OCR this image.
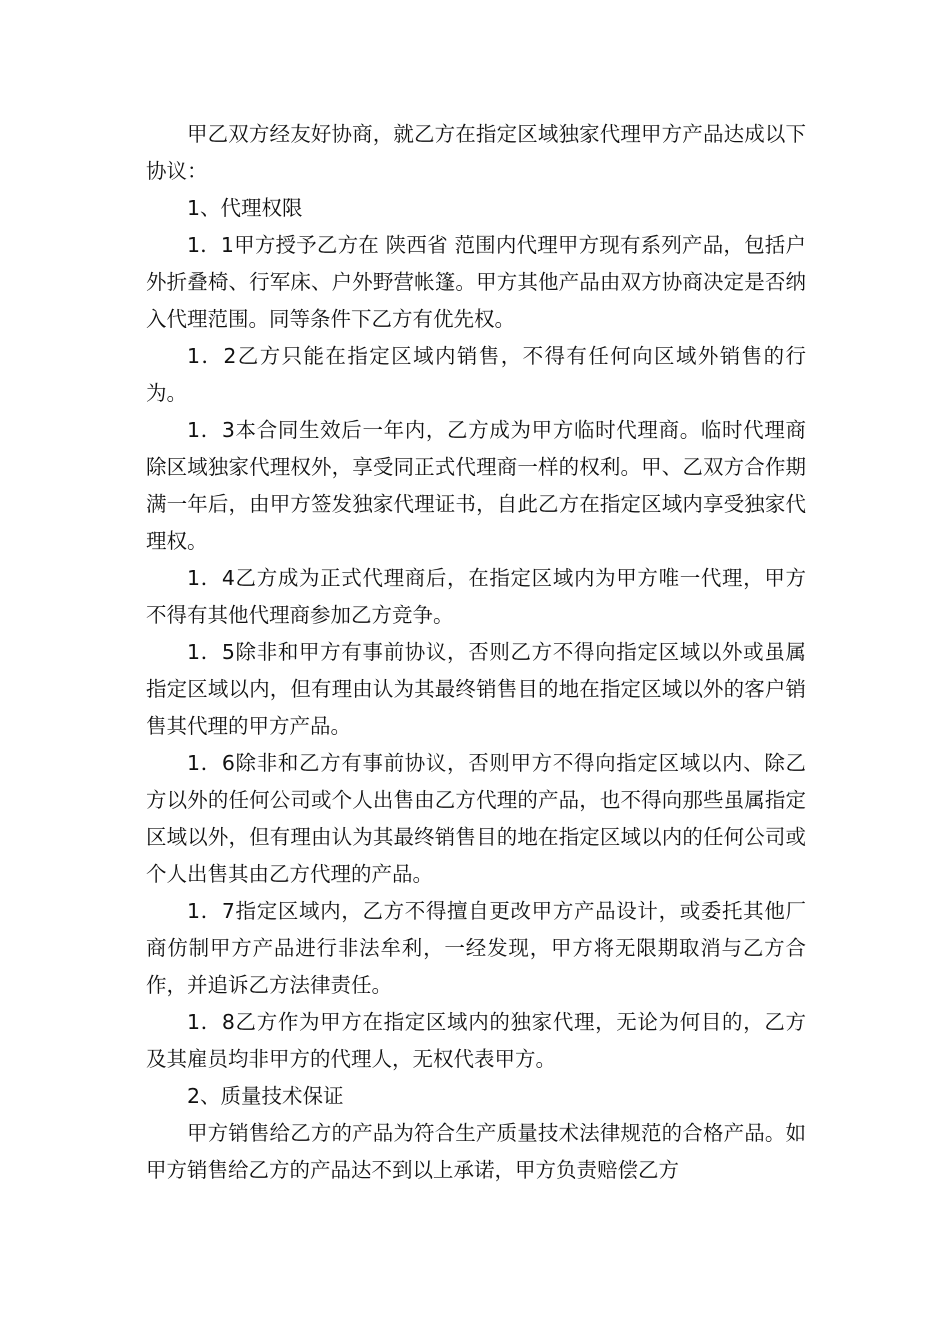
甲乙双方经友好协商，就乙方在指定区域独家代理甲方产品达成以下协议：

1、代理权限

1．1甲方授予乙方在 陕西省 范围内代理甲方现有系列产品，包括户外折叠椅、行军床、户外野营帐篷。甲方其他产品由双方协商决定是否纳入代理范围。同等条件下乙方有优先权。

1．2乙方只能在指定区域内销售，不得有任何向区域外销售的行为。

1．3本合同生效后一年内，乙方成为甲方临时代理商。临时代理商除区域独家代理权外，享受同正式代理商一样的权利。甲、乙双方合作期满一年后，由甲方签发独家代理证书，自此乙方在指定区域内享受独家代理权。

1．4乙方成为正式代理商后，在指定区域内为甲方唯一代理，甲方不得有其他代理商参加乙方竞争。

1．5除非和甲方有事前协议，否则乙方不得向指定区域以外或虽属指定区域以内，但有理由认为其最终销售目的地在指定区域以外的客户销售其代理的甲方产品。

1．6除非和乙方有事前协议，否则甲方不得向指定区域以内、除乙方以外的任何公司或个人出售由乙方代理的产品，也不得向那些虽属指定区域以外，但有理由认为其最终销售目的地在指定区域以内的任何公司或个人出售其由乙方代理的产品。

1．7指定区域内，乙方不得擅自更改甲方产品设计，或委托其他厂商仿制甲方产品进行非法牟利，一经发现，甲方将无限期取消与乙方合作，并追诉乙方法律责任。

1．8乙方作为甲方在指定区域内的独家代理，无论为何目的，乙方及其雇员均非甲方的代理人，无权代表甲方。

2、质量技术保证

甲方销售给乙方的产品为符合生产质量技术法律规范的合格产品。如甲方销售给乙方的产品达不到以上承诺，甲方负责赔偿乙方
